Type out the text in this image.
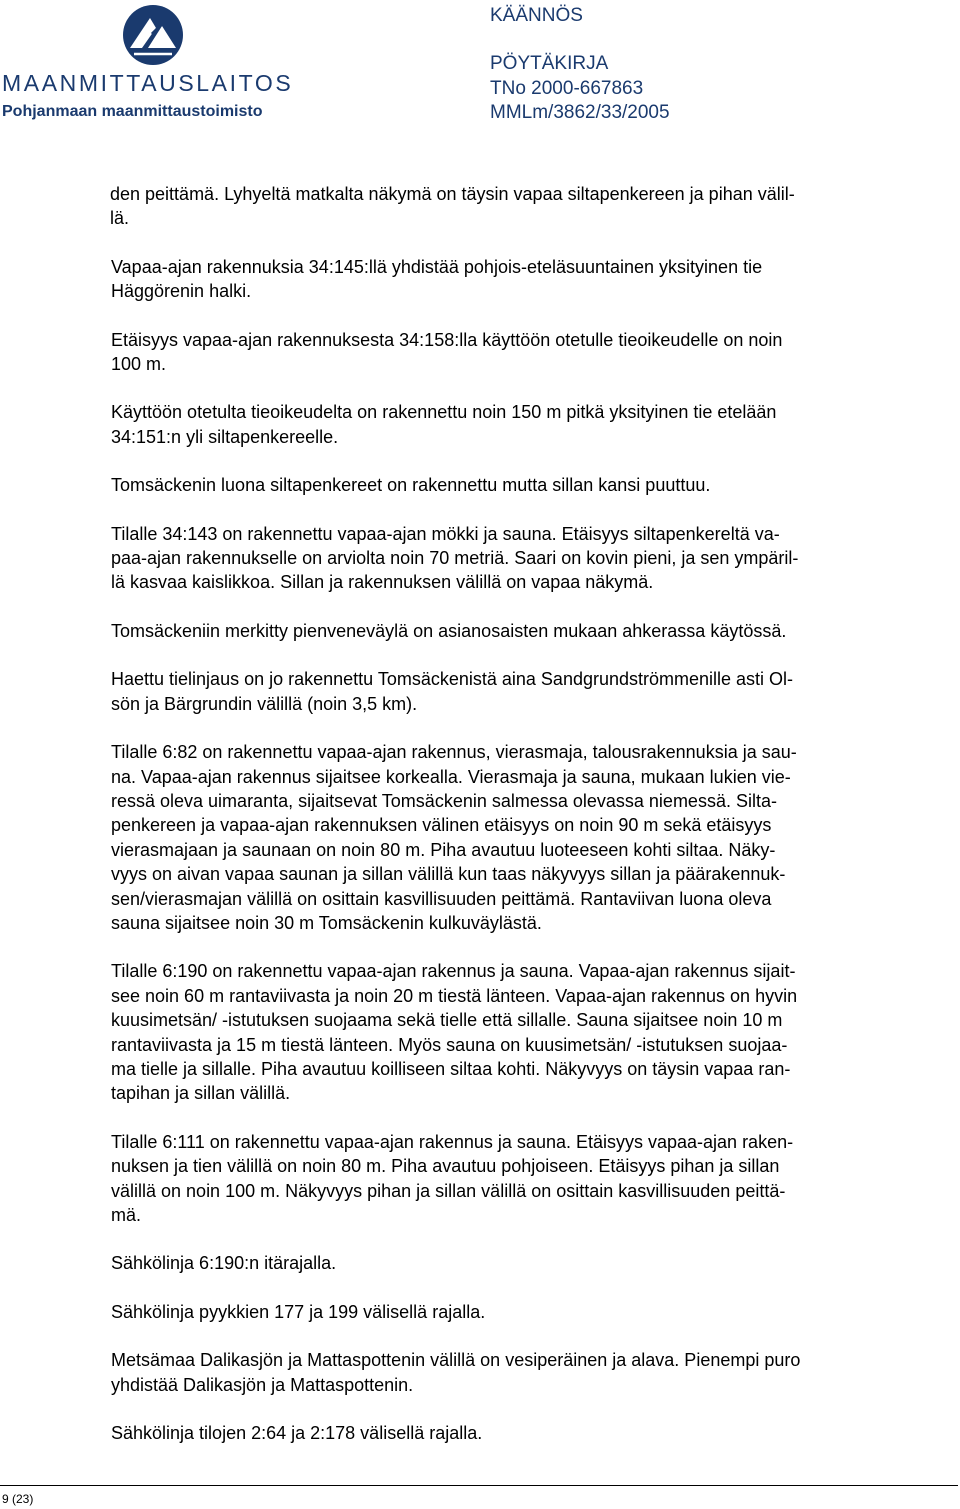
MAANMITTAUSLAITOS
Pohjanmaan maanmittaustoimisto
KÄÄNNÖS
PÖYTÄKIRJA
TNo 2000-667863
MMLm/3862/33/2005

den peittämä. Lyhyeltä matkalta näkymä on täysin vapaa siltapenkereen ja pihan välil-
lä.

Vapaa-ajan rakennuksia 34:145:llä yhdistää pohjois-eteläsuuntainen yksityinen tie
Häggörenin halki.

Etäisyys vapaa-ajan rakennuksesta 34:158:lla käyttöön otetulle tieoikeudelle on noin
100 m.

Käyttöön otetulta tieoikeudelta on rakennettu noin 150 m pitkä yksityinen tie etelään
34:151:n yli siltapenkereelle.

Tomsäckenin luona siltapenkereet on rakennettu mutta sillan kansi puuttuu.

Tilalle 34:143 on rakennettu vapaa-ajan mökki ja sauna. Etäisyys siltapenkereltä va-
paa-ajan rakennukselle on arviolta noin 70 metriä. Saari on kovin pieni, ja sen ympäril-
lä kasvaa kaislikkoa. Sillan ja rakennuksen välillä on vapaa näkymä.

Tomsäckeniin merkitty pienveneväylä on asianosaisten mukaan ahkerassa käytössä.

Haettu tielinjaus on jo rakennettu Tomsäckenistä aina Sandgrundströmmenille asti Ol-
sön ja Bärgrundin välillä (noin 3,5 km).

Tilalle 6:82 on rakennettu vapaa-ajan rakennus, vierasmaja, talousrakennuksia ja sau-
na. Vapaa-ajan rakennus sijaitsee korkealla. Vierasmaja ja sauna, mukaan lukien vie-
ressä oleva uimaranta, sijaitsevat Tomsäckenin salmessa olevassa niemessä. Silta-
penkereen ja vapaa-ajan rakennuksen välinen etäisyys on noin 90 m sekä etäisyys
vierasmajaan ja saunaan on noin 80 m. Piha avautuu luoteeseen kohti siltaa. Näky-
vyys on aivan vapaa saunan ja sillan välillä kun taas näkyvyys sillan ja päärakennuk-
sen/vierasmajan välillä on osittain kasvillisuuden peittämä. Rantaviivan luona oleva
sauna sijaitsee noin 30 m Tomsäckenin kulkuväylästä.

Tilalle 6:190 on rakennettu vapaa-ajan rakennus ja sauna. Vapaa-ajan rakennus sijait-
see noin 60 m rantaviivasta ja noin 20 m tiestä länteen. Vapaa-ajan rakennus on hyvin
kuusimetsän/ -istutuksen suojaama sekä tielle että sillalle. Sauna sijaitsee noin 10 m
rantaviivasta ja 15 m tiestä länteen. Myös sauna on kuusimetsän/ -istutuksen suojaa-
ma tielle ja sillalle. Piha avautuu koilliseen siltaa kohti. Näkyvyys on täysin vapaa ran-
tapihan ja sillan välillä.

Tilalle 6:111 on rakennettu vapaa-ajan rakennus ja sauna. Etäisyys vapaa-ajan raken-
nuksen ja tien välillä on noin 80 m. Piha avautuu pohjoiseen. Etäisyys pihan ja sillan
välillä on noin 100 m. Näkyvyys pihan ja sillan välillä on osittain kasvillisuuden peittä-
mä.

Sähkölinja 6:190:n itärajalla.

Sähkölinja pyykkien 177 ja 199 välisellä rajalla.

Metsämaa Dalikasjön ja Mattaspottenin välillä on vesiperäinen ja alava. Pienempi puro
yhdistää Dalikasjön ja Mattaspottenin.

Sähkölinja tilojen 2:64 ja 2:178 välisellä rajalla.

9 (23)
